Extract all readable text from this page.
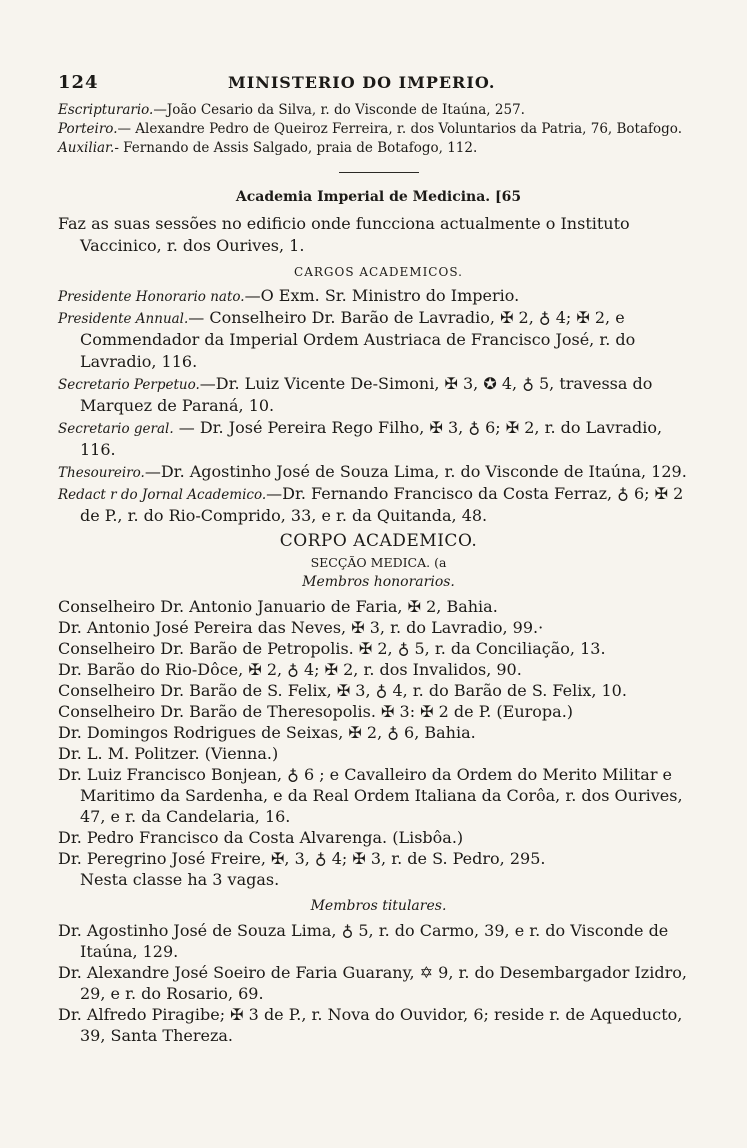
124	MINISTERIO DO IMPERIO.

Escripturario.—João Cesario da Silva, r. do Visconde de Itaúna, 257.

Porteiro.— Alexandre Pedro de Queiroz Ferreira, r. dos Voluntarios da Patria, 76, Botafogo.

Auxiliar.- Fernando de Assis Salgado, praia de Botafogo, 112.

Academia Imperial de Medicina. [65

Faz as suas sessões no edificio onde funcciona actualmente o Instituto Vaccinico, r. dos Ourives, 1.

CARGOS ACADEMICOS.

Presidente Honorario nato.—O Exm. Sr. Ministro do Imperio.

Presidente Annual.— Conselheiro Dr. Barão de Lavradio, ✠ 2, ♁ 4; ✠ 2, e Commendador da Imperial Ordem Austriaca de Francisco José, r. do Lavradio, 116.

Secretario Perpetuo.—Dr. Luiz Vicente De-Simoni, ✠ 3, ✪ 4, ♁ 5, travessa do Marquez de Paraná, 10.

Secretario geral. — Dr. José Pereira Rego Filho, ✠ 3, ♁ 6; ✠ 2, r. do Lavradio, 116.

Thesoureiro.—Dr. Agostinho José de Souza Lima, r. do Visconde de Itaúna, 129.

Redact r do Jornal Academico.—Dr. Fernando Francisco da Costa Ferraz, ♁ 6; ✠ 2 de P., r. do Rio-Comprido, 33, e r. da Quitanda, 48.

CORPO ACADEMICO.
SECÇÃO MEDICA. (a
Membros honorarios.

Conselheiro Dr. Antonio Januario de Faria, ✠ 2, Bahia.

Dr. Antonio José Pereira das Neves, ✠ 3, r. do Lavradio, 99.·

Conselheiro Dr. Barão de Petropolis. ✠ 2, ♁ 5, r. da Conciliação, 13.

Dr. Barão do Rio-Dôce, ✠ 2, ♁ 4; ✠ 2, r. dos Invalidos, 90.

Conselheiro Dr. Barão de S. Felix, ✠ 3, ♁ 4, r. do Barão de S. Felix, 10.

Conselheiro Dr. Barão de Theresopolis. ✠ 3: ✠ 2 de P. (Europa.)

Dr. Domingos Rodrigues de Seixas, ✠ 2, ♁ 6, Bahia.

Dr. L. M. Politzer. (Vienna.)

Dr. Luiz Francisco Bonjean, ♁ 6 ; e Cavalleiro da Ordem do Merito Militar e Maritimo da Sardenha, e da Real Ordem Italiana da Corôa, r. dos Ourives, 47, e r. da Candelaria, 16.

Dr. Pedro Francisco da Costa Alvarenga. (Lisbôa.)

Dr. Peregrino José Freire, ✠, 3, ♁ 4; ✠ 3, r. de S. Pedro, 295.

Nesta classe ha 3 vagas.

Membros titulares.

Dr. Agostinho José de Souza Lima, ♁ 5, r. do Carmo, 39, e r. do Visconde de Itaúna, 129.

Dr. Alexandre José Soeiro de Faria Guarany, ✡ 9, r. do Desembargador Izidro, 29, e r. do Rosario, 69.

Dr. Alfredo Piragibe; ✠ 3 de P., r. Nova do Ouvidor, 6; reside r. de Aqueducto, 39, Santa Thereza.
